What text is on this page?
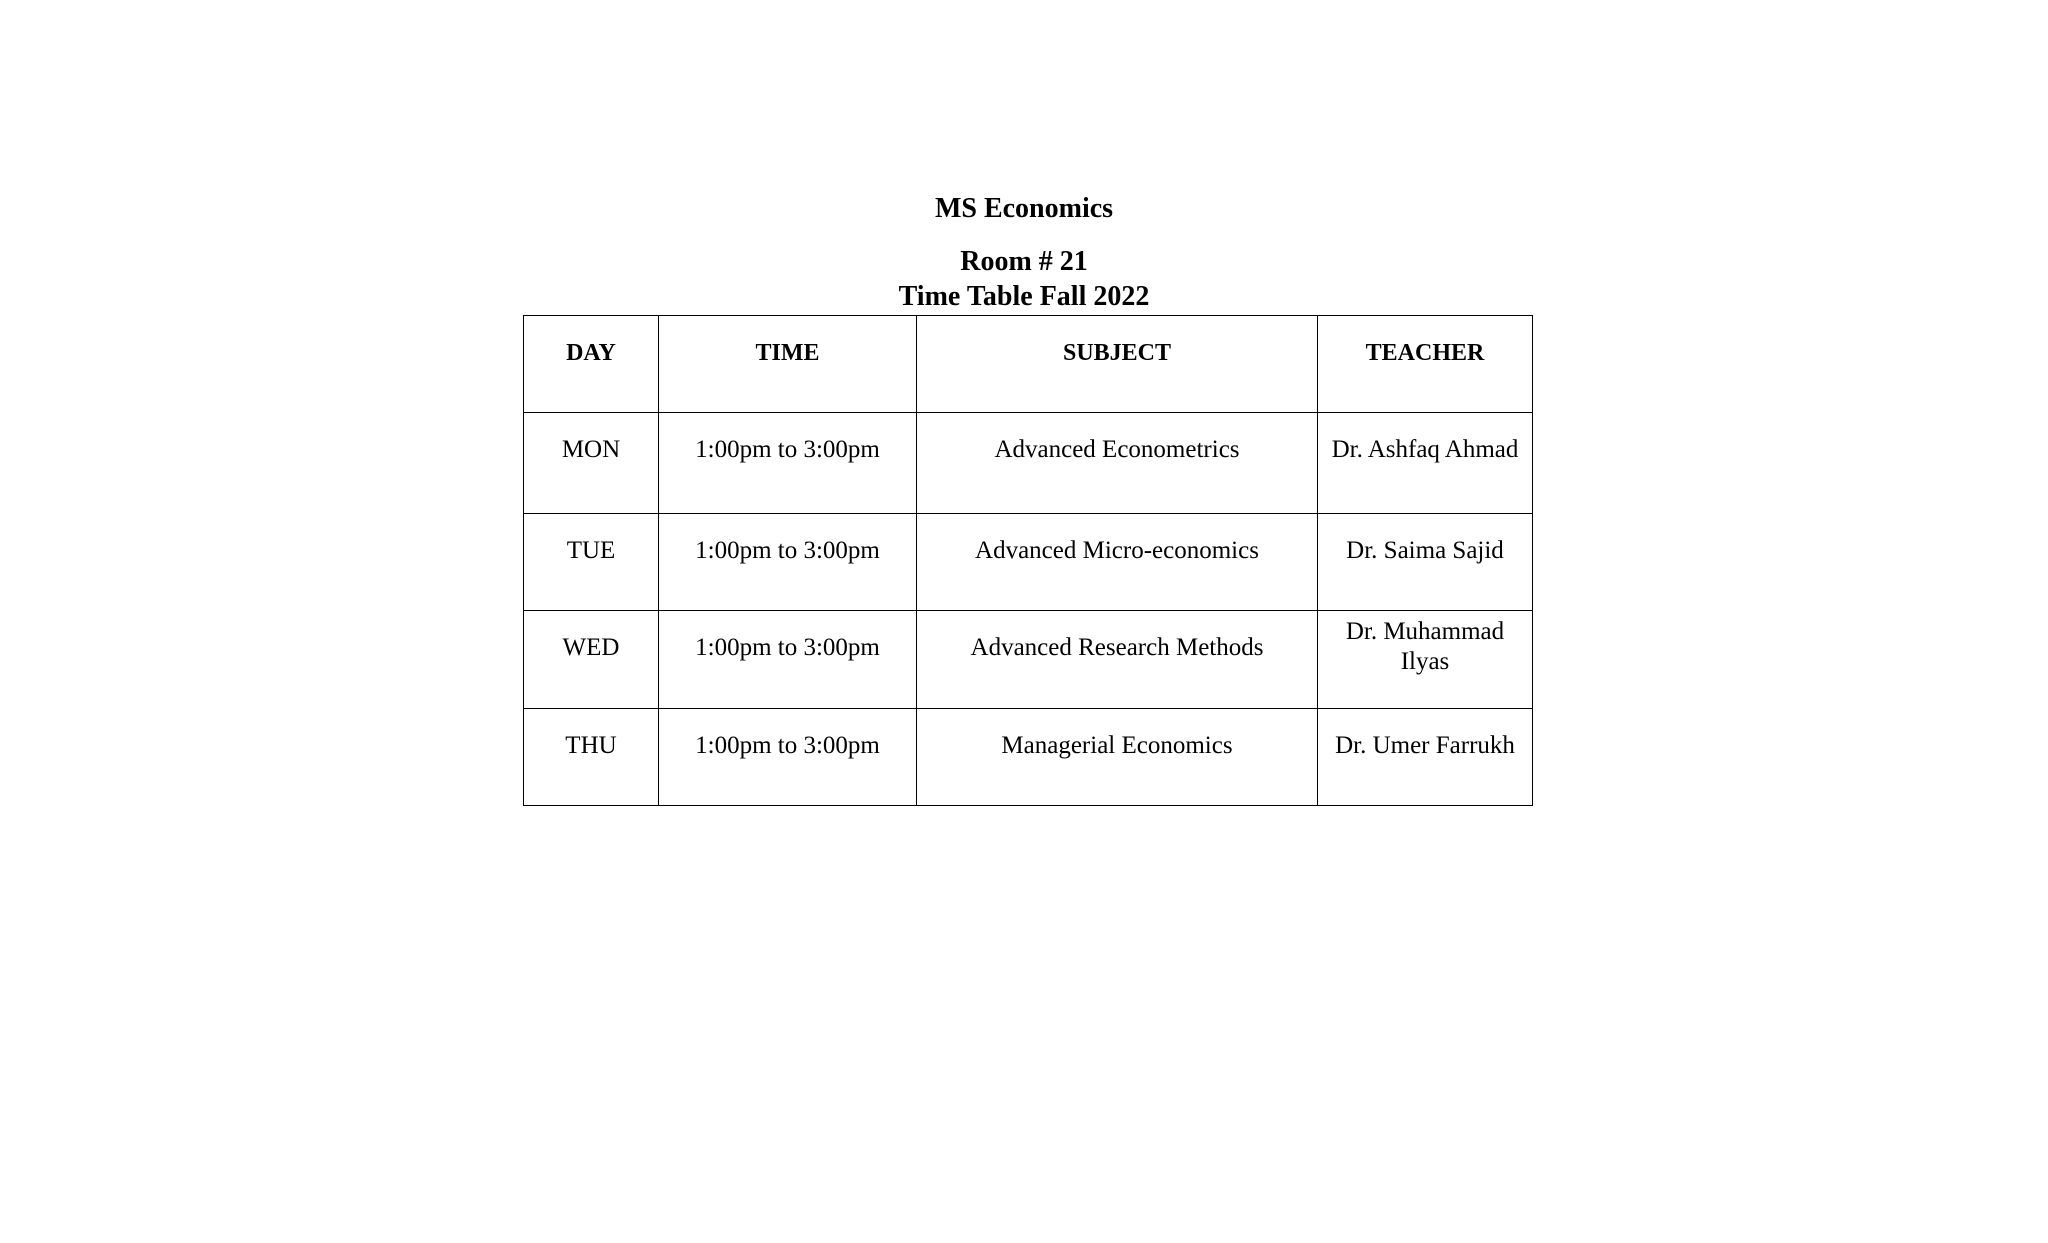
MS Economics
Room # 21
Time Table Fall 2022
DAY	TIME	SUBJECT	TEACHER
MON	1:00pm to 3:00pm	Advanced Econometrics	Dr. Ashfaq Ahmad
TUE	1:00pm to 3:00pm	Advanced Micro-economics	Dr. Saima Sajid
WED	1:00pm to 3:00pm	Advanced Research Methods	Dr. Muhammad Ilyas
THU	1:00pm to 3:00pm	Managerial Economics	Dr. Umer Farrukh
